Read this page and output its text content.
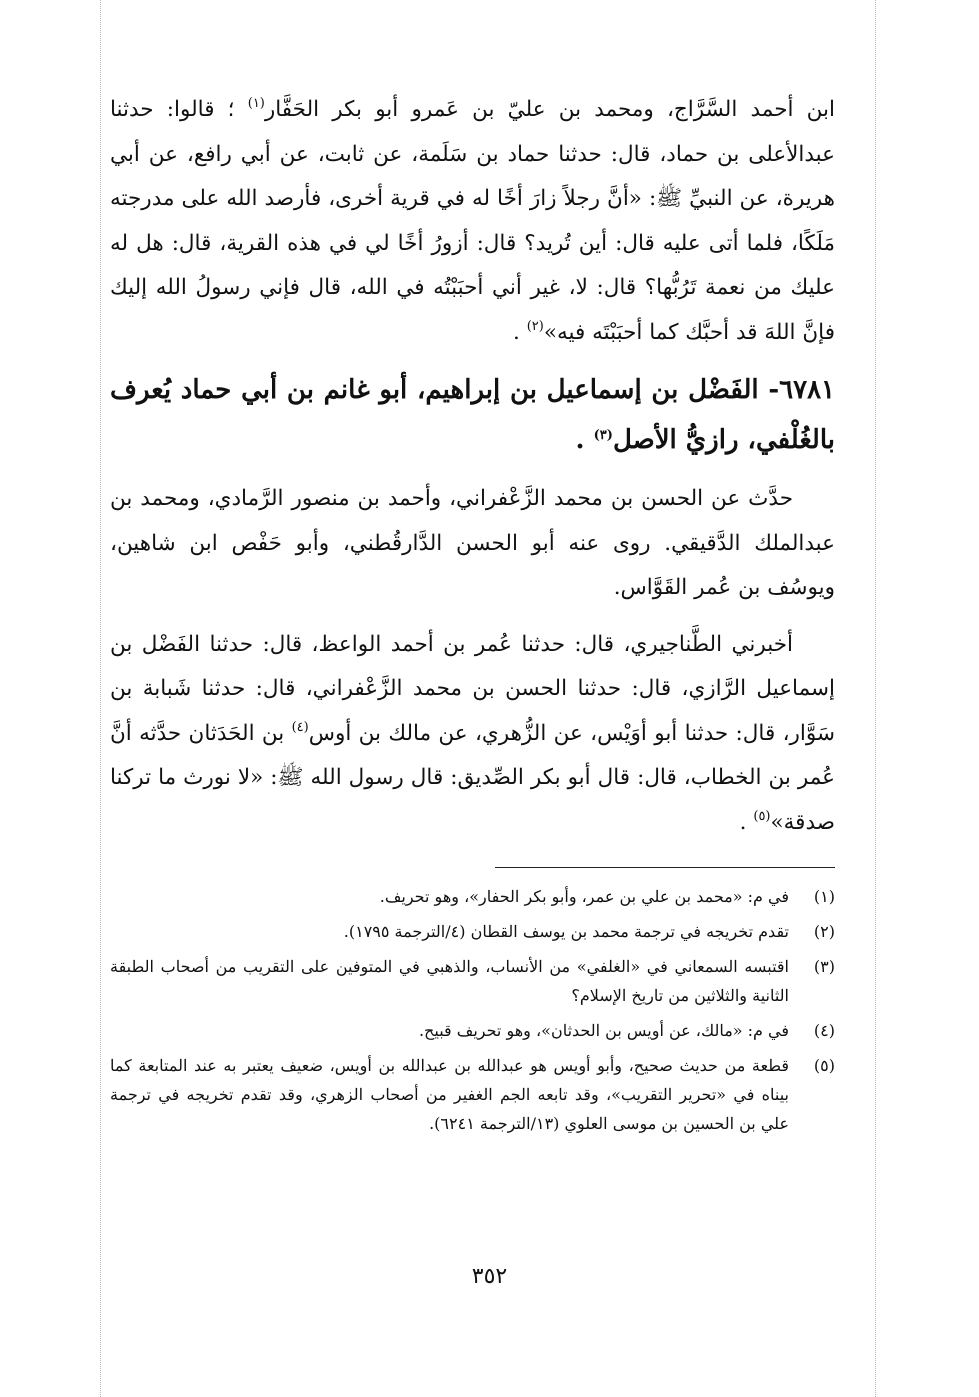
ابن أحمد السَّرَّاج، ومحمد بن عليّ بن عَمرو أبو بكر الحَفَّار$^{(١)}$ ؛ قالوا: حدثنا عبدالأعلى بن حماد، قال: حدثنا حماد بن سَلَمة، عن ثابت، عن أبي رافع، عن أبي هريرة، عن النبيِّ ﷺ: «أنَّ رجلاً زارَ أخًا له في قرية أخرى، فأرصد الله على مدرجته مَلَكًا، فلما أتى عليه قال: أين تُريد؟ قال: أزورُ أخًا لي في هذه القرية، قال: هل له عليك من نعمة تَرُبُّها؟ قال: لا، غير أني أحبَبْتُه في الله، قال فإني رسولُ الله إليك فإنَّ اللهَ قد أحبَّك كما أحبَبْتَه فيه»$^{(٢)}$ .

٦٧٨١- الفَضْل بن إسماعيل بن إبراهيم، أبو غانم بن أبي حماد يُعرف بالغُلْفي، رازيُّ الأصل$^{(٣)}$ .

حدَّث عن الحسن بن محمد الزَّعْفراني، وأحمد بن منصور الرَّمادي، ومحمد بن عبدالملك الدَّقيقي. روى عنه أبو الحسن الدَّارقُطني، وأبو حَفْص ابن شاهين، ويوسُف بن عُمر القَوَّاس.

أخبرني الطَّناجيري، قال: حدثنا عُمر بن أحمد الواعظ، قال: حدثنا الفَضْل بن إسماعيل الرَّازي، قال: حدثنا الحسن بن محمد الزَّعْفراني، قال: حدثنا شَبابة بن سَوَّار، قال: حدثنا أبو أوَيْس، عن الزُّهري، عن مالك بن أوس$^{(٤)}$ بن الحَدَثان حدَّثه أنَّ عُمر بن الخطاب، قال: قال أبو بكر الصِّديق: قال رسول الله ﷺ: «لا نورث ما تركنا صدقة»$^{(٥)}$ .

(١)
في م: «محمد بن علي بن عمر، وأبو بكر الحفار»، وهو تحريف.
(٢)
تقدم تخريجه في ترجمة محمد بن يوسف القطان (٤/الترجمة ١٧٩٥).
(٣)
اقتبسه السمعاني في «الغلفي» من الأنساب، والذهبي في المتوفين على التقريب من أصحاب الطبقة الثانية والثلاثين من تاريخ الإسلام؟
(٤)
في م: «مالك، عن أويس بن الحدثان»، وهو تحريف قبيح.
(٥)
قطعة من حديث صحيح، وأبو أويس هو عبدالله بن عبدالله بن أويس، ضعيف يعتبر به عند المتابعة كما بيناه في «تحرير التقريب»، وقد تابعه الجم الغفير من أصحاب الزهري، وقد تقدم تخريجه في ترجمة علي بن الحسين بن موسى العلوي (١٣/الترجمة ٦٢٤١).
٣٥٢
